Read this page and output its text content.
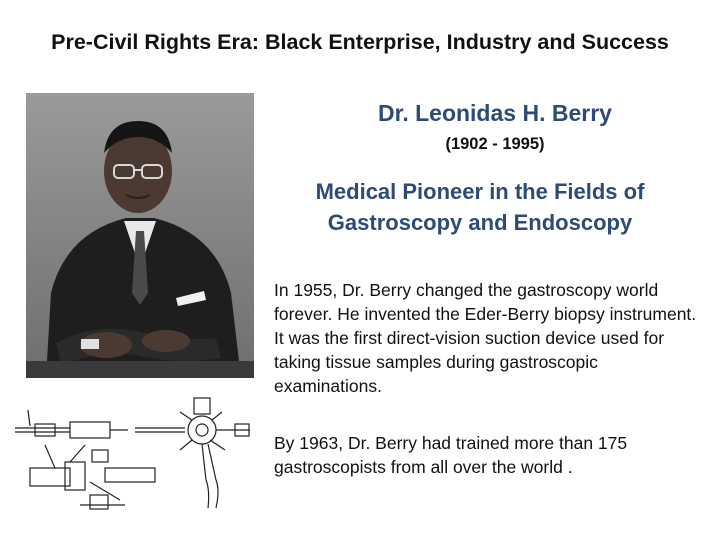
Pre-Civil Rights Era: Black Enterprise, Industry and Success
Dr. Leonidas H. Berry
(1902 - 1995)
Medical Pioneer in the Fields of Gastroscopy and Endoscopy

In 1955, Dr. Berry changed the gastroscopy world forever. He invented the Eder-Berry biopsy instrument. It was the first direct-vision suction device used for taking tissue samples during gastroscopic examinations.

By 1963, Dr. Berry had trained more than 175 gastroscopists from all over the world .
